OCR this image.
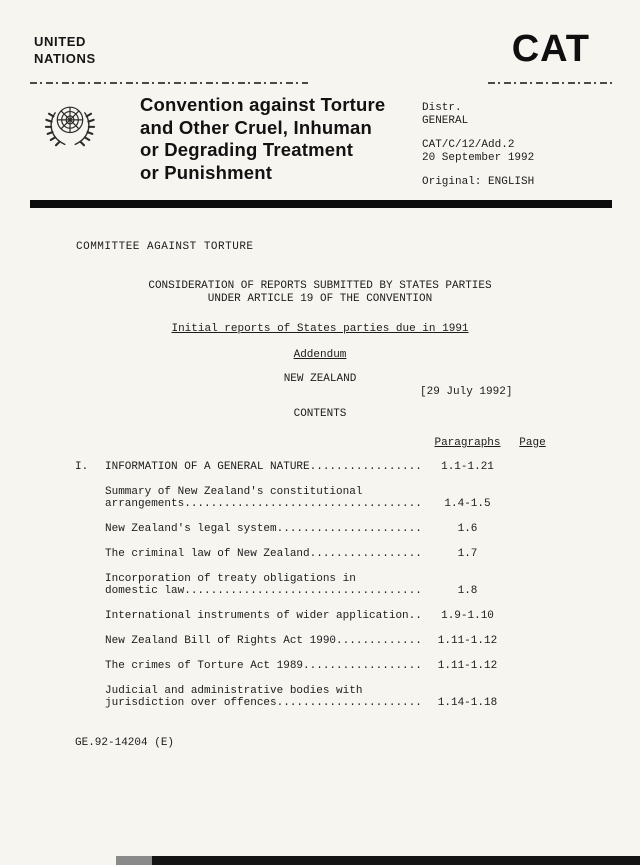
UNITED
NATIONS	CAT
Convention against Torture
and Other Cruel, Inhuman
or Degrading Treatment
or Punishment
Distr.
GENERAL
CAT/C/12/Add.2
20 September 1992
Original: ENGLISH
COMMITTEE AGAINST TORTURE
CONSIDERATION OF REPORTS SUBMITTED BY STATES PARTIES
UNDER ARTICLE 19 OF THE CONVENTION
Initial reports of States parties due in 1991
Addendum
NEW ZEALAND
[29 July 1992]
CONTENTS
Paragraphs	Page
I.	INFORMATION OF A GENERAL NATURE.................	1.1-1.21
Summary of New Zealand's constitutional
arrangements....................................	1.4-1.5
New Zealand's legal system......................	1.6
The criminal law of New Zealand.................	1.7
Incorporation of treaty obligations in
domestic law....................................	1.8
International instruments of wider application..	1.9-1.10
New Zealand Bill of Rights Act 1990.............	1.11-1.12
The crimes of Torture Act 1989..................	1.11-1.12
Judicial and administrative bodies with
jurisdiction over offences......................	1.14-1.18
GE.92-14204 (E)
